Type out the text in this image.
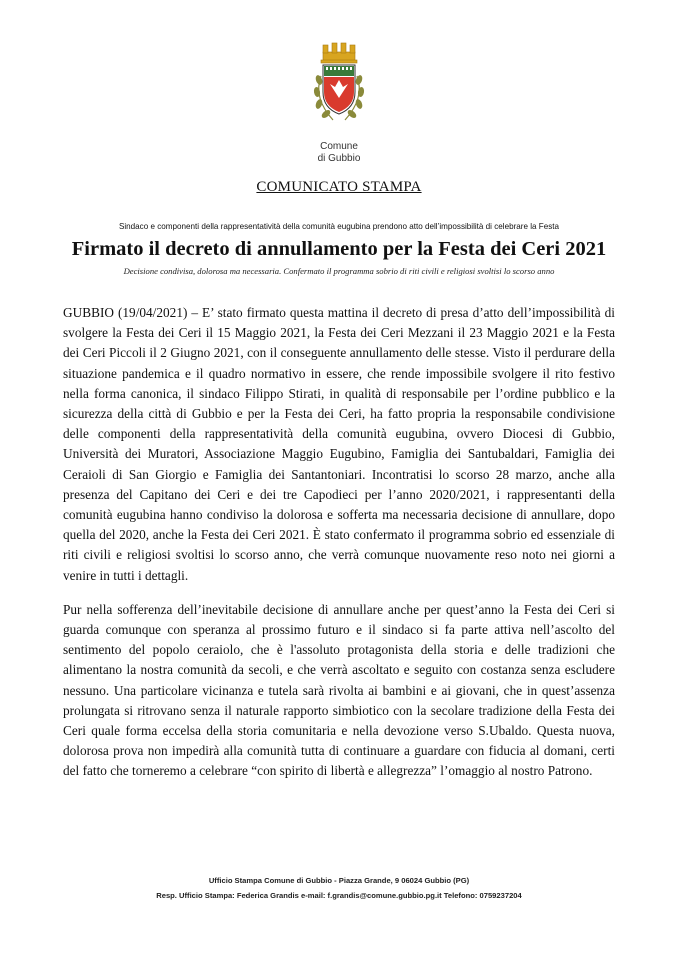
Comune
di Gubbio
COMUNICATO STAMPA
Sindaco e componenti della rappresentatività della comunità eugubina prendono atto dell’impossibilità di celebrare la Festa
Firmato il decreto di annullamento per la Festa dei Ceri 2021
Decisione condivisa, dolorosa ma necessaria. Confermato il programma sobrio di riti civili e religiosi svoltisi lo scorso anno

GUBBIO (19/04/2021) – E’ stato firmato questa mattina il decreto di presa d’atto dell’impossibilità di svolgere la Festa dei Ceri il 15 Maggio 2021, la Festa dei Ceri Mezzani il 23 Maggio 2021 e la Festa dei Ceri Piccoli il 2 Giugno 2021, con il conseguente annullamento delle stesse. Visto il perdurare della situazione pandemica e il quadro normativo in essere, che rende impossibile svolgere il rito festivo nella forma canonica, il sindaco Filippo Stirati, in qualità di responsabile per l’ordine pubblico e la sicurezza della città di Gubbio e per la Festa dei Ceri, ha fatto propria la responsabile condivisione delle componenti della rappresentatività della comunità eugubina, ovvero Diocesi di Gubbio, Università dei Muratori, Associazione Maggio Eugubino, Famiglia dei Santubaldari, Famiglia dei Ceraioli di San Giorgio e Famiglia dei Santantoniari. Incontratisi lo scorso 28 marzo, anche alla presenza del Capitano dei Ceri e dei tre Capodieci per l’anno 2020/2021, i rappresentanti della comunità eugubina hanno condiviso la dolorosa e sofferta ma necessaria decisione di annullare, dopo quella del 2020, anche la Festa dei Ceri 2021. È stato confermato il programma sobrio ed essenziale di riti civili e religiosi svoltisi lo scorso anno, che verrà comunque nuovamente reso noto nei giorni a venire in tutti i dettagli.

Pur nella sofferenza dell’inevitabile decisione di annullare anche per quest’anno la Festa dei Ceri si guarda comunque con speranza al prossimo futuro e il sindaco si fa parte attiva nell’ascolto del sentimento del popolo ceraiolo, che è l'assoluto protagonista della storia e delle tradizioni che alimentano la nostra comunità da secoli, e che verrà ascoltato e seguito con costanza senza escludere nessuno. Una particolare vicinanza e tutela sarà rivolta ai bambini e ai giovani, che in quest’assenza prolungata si ritrovano senza il naturale rapporto simbiotico con la secolare tradizione della Festa dei Ceri quale forma eccelsa della storia comunitaria e nella devozione verso S.Ubaldo. Questa nuova, dolorosa prova non impedirà alla comunità tutta di continuare a guardare con fiducia al domani, certi del fatto che torneremo a celebrare “con spirito di libertà e allegrezza” l’omaggio al nostro Patrono.

Ufficio Stampa Comune di Gubbio - Piazza Grande, 9 06024 Gubbio (PG)
Resp. Ufficio Stampa: Federica Grandis e-mail: f.grandis@comune.gubbio.pg.it Telefono: 0759237204
